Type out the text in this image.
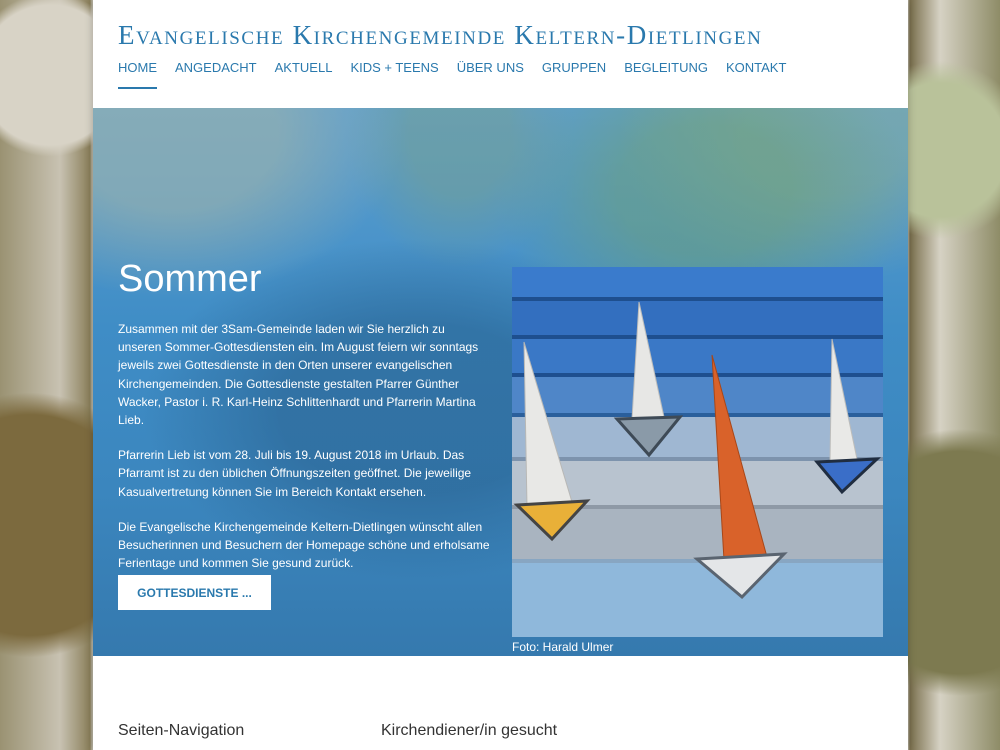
Evangelische Kirchengemeinde Keltern-Dietlingen
HOME ANGEDACHT AKTUELL KIDS + TEENS ÜBER UNS GRUPPEN BEGLEITUNG KONTAKT
Sommer

Zusammen mit der 3Sam-Gemeinde laden wir Sie herzlich zu unseren Sommer-Gottesdiensten ein. Im August feiern wir sonntags jeweils zwei Gottesdienste in den Orten unserer evangelischen Kirchengemeinden. Die Gottesdienste gestalten Pfarrer Günther Wacker, Pastor i. R. Karl-Heinz Schlittenhardt und Pfarrerin Martina Lieb.

Pfarrerin Lieb ist vom 28. Juli bis 19. August 2018 im Urlaub. Das Pfarramt ist zu den üblichen Öffnungszeiten geöffnet. Die jeweilige Kasualvertretung können Sie im Bereich Kontakt ersehen.

Die Evangelische Kirchengemeinde Keltern-Dietlingen wünscht allen Besucherinnen und Besuchern der Homepage schöne und erholsame Ferientage und kommen Sie gesund zurück.

GOTTESDIENSTE ...
Foto: Harald Ulmer
Seiten-Navigation	Kirchendiener/in gesucht
